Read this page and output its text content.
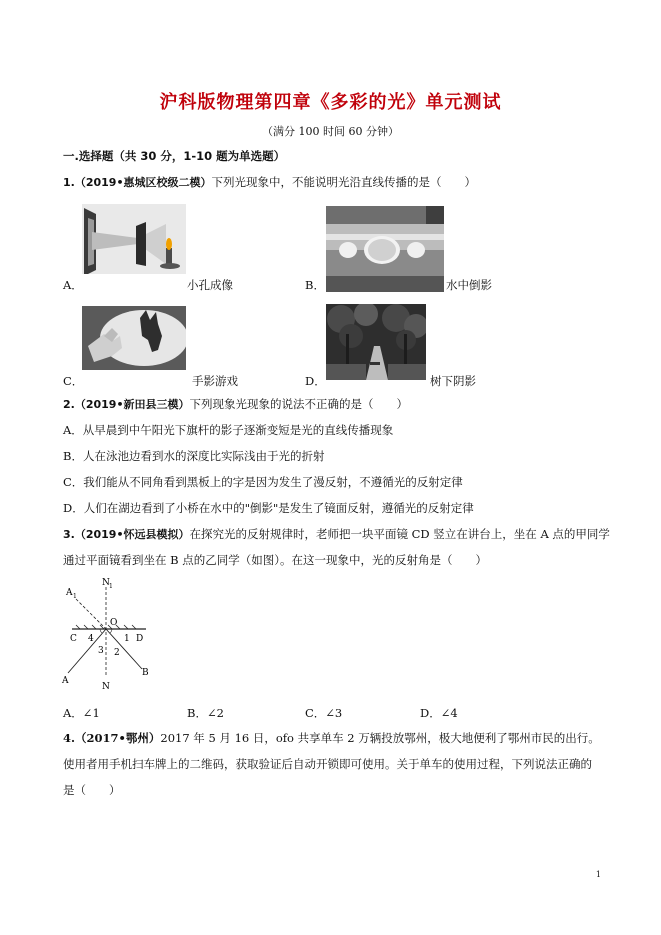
沪科版物理第四章《多彩的光》单元测试
（满分 100 时间 60 分钟）
一.选择题（共 30 分，1-10 题为单选题）
1.（2019•惠城区校级二模）下列光现象中，不能说明光沿直线传播的是（　　）
A．	小孔成像	B．	水中倒影
C．	手影游戏	D．	树下阴影
2.（2019•新田县三模）下列现象光现象的说法不正确的是（　　）
A．从早晨到中午阳光下旗杆的影子逐渐变短是光的直线传播现象
B．人在泳池边看到水的深度比实际浅由于光的折射
C．我们能从不同角看到黑板上的字是因为发生了漫反射，不遵循光的反射定律
D．人们在湖边看到了小桥在水中的"倒影"是发生了镜面反射，遵循光的反射定律
3.（2019•怀远县模拟）在探究光的反射规律时，老师把一块平面镜 CD 竖立在讲台上，坐在 A 点的甲同学
通过平面镜看到坐在 B 点的乙同学（如图）。在这一现象中，光的反射角是（　　）
A 1
N 1
O
C 4	1 D
3 2
A
B
N
A．∠1	B．∠2	C．∠3	D．∠4
4.（2017•鄂州）2017 年 5 月 16 日，ofo 共享单车 2 万辆投放鄂州，极大地便利了鄂州市民的出行。使用者用手机扫车牌上的二维码，获取验证后自动开锁即可使用。关于单车的使用过程，下列说法正确的是（　　）
1
